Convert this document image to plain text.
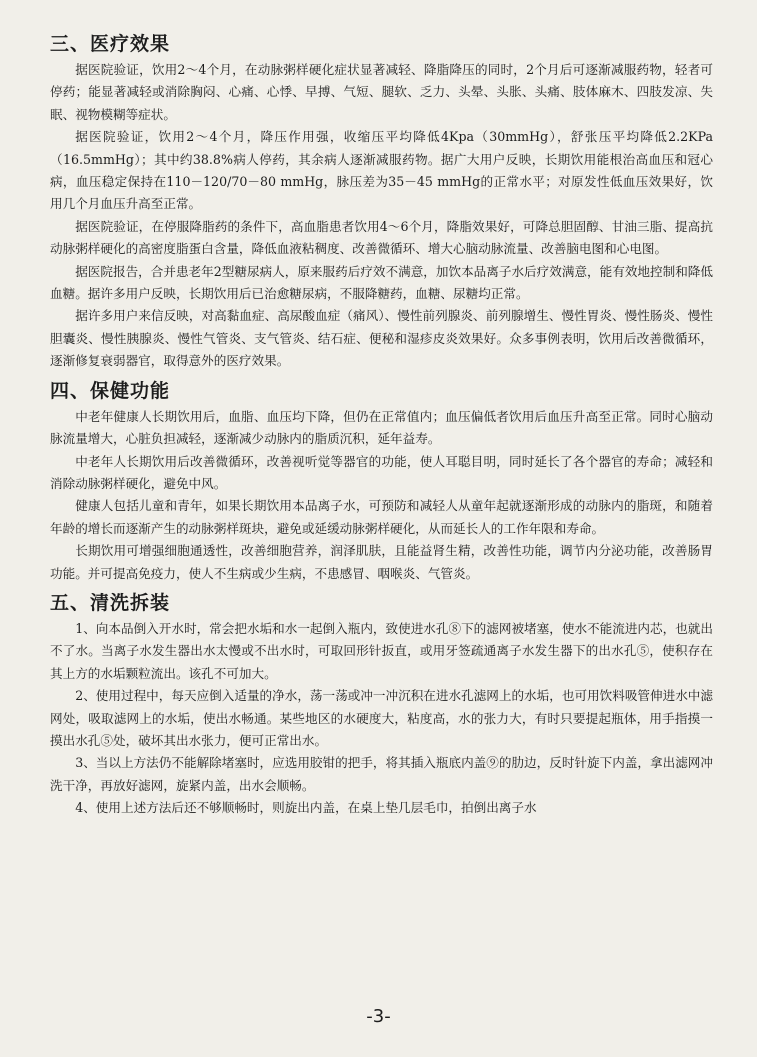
三、医疗效果

据医院验证，饮用2～4个月，在动脉粥样硬化症状显著减轻、降脂降压的同时，2个月后可逐渐减服药物，轻者可停药；能显著减轻或消除胸闷、心痛、心悸、早搏、气短、腿软、乏力、头晕、头胀、头痛、肢体麻木、四肢发凉、失眠、视物模糊等症状。

据医院验证，饮用2～4个月，降压作用强，收缩压平均降低4Kpa（30mmHg），舒张压平均降低2.2KPa（16.5mmHg）；其中约38.8%病人停药，其余病人逐渐减服药物。据广大用户反映，长期饮用能根治高血压和冠心病，血压稳定保持在110－120/70－80 mmHg，脉压差为35－45 mmHg的正常水平；对原发性低血压效果好，饮用几个月血压升高至正常。

据医院验证，在停服降脂药的条件下，高血脂患者饮用4～6个月，降脂效果好，可降总胆固醇、甘油三脂、提高抗动脉粥样硬化的高密度脂蛋白含量，降低血液粘稠度、改善微循环、增大心脑动脉流量、改善脑电图和心电图。

据医院报告，合并患老年2型糖尿病人，原来服药后疗效不满意，加饮本品离子水后疗效满意，能有效地控制和降低血糖。据许多用户反映，长期饮用后已治愈糖尿病，不服降糖药，血糖、尿糖均正常。

据许多用户来信反映，对高黏血症、高尿酸血症（痛风）、慢性前列腺炎、前列腺增生、慢性胃炎、慢性肠炎、慢性胆囊炎、慢性胰腺炎、慢性气管炎、支气管炎、结石症、便秘和湿疹皮炎效果好。众多事例表明，饮用后改善微循环，逐渐修复衰弱器官，取得意外的医疗效果。

四、保健功能

中老年健康人长期饮用后，血脂、血压均下降，但仍在正常值内；血压偏低者饮用后血压升高至正常。同时心脑动脉流量增大，心脏负担减轻，逐渐减少动脉内的脂质沉积，延年益寿。

中老年人长期饮用后改善微循环，改善视听觉等器官的功能，使人耳聪目明，同时延长了各个器官的寿命；减轻和消除动脉粥样硬化，避免中风。

健康人包括儿童和青年，如果长期饮用本品离子水，可预防和减轻人从童年起就逐渐形成的动脉内的脂斑，和随着年龄的增长而逐渐产生的动脉粥样斑块，避免或延缓动脉粥样硬化，从而延长人的工作年限和寿命。

长期饮用可增强细胞通透性，改善细胞营养，润泽肌肤，且能益肾生精，改善性功能，调节内分泌功能，改善肠胃功能。并可提高免疫力，使人不生病或少生病，不患感冒、咽喉炎、气管炎。

五、清洗拆装

1、向本品倒入开水时，常会把水垢和水一起倒入瓶内，致使进水孔⑧下的滤网被堵塞，使水不能流进内芯，也就出不了水。当离子水发生器出水太慢或不出水时，可取回形针扳直，或用牙签疏通离子水发生器下的出水孔⑤，使积存在其上方的水垢颗粒流出。该孔不可加大。

2、使用过程中，每天应倒入适量的净水，荡一荡或冲一冲沉积在进水孔滤网上的水垢，也可用饮料吸管伸进水中滤网处，吸取滤网上的水垢，使出水畅通。某些地区的水硬度大，粘度高，水的张力大，有时只要提起瓶体，用手指摸一摸出水孔⑤处，破坏其出水张力，便可正常出水。

3、当以上方法仍不能解除堵塞时，应选用胶钳的把手，将其插入瓶底内盖⑨的肋边，反时针旋下内盖，拿出滤网冲洗干净，再放好滤网，旋紧内盖，出水会顺畅。

4、使用上述方法后还不够顺畅时，则旋出内盖，在桌上垫几层毛巾，拍倒出离子水

-3-
